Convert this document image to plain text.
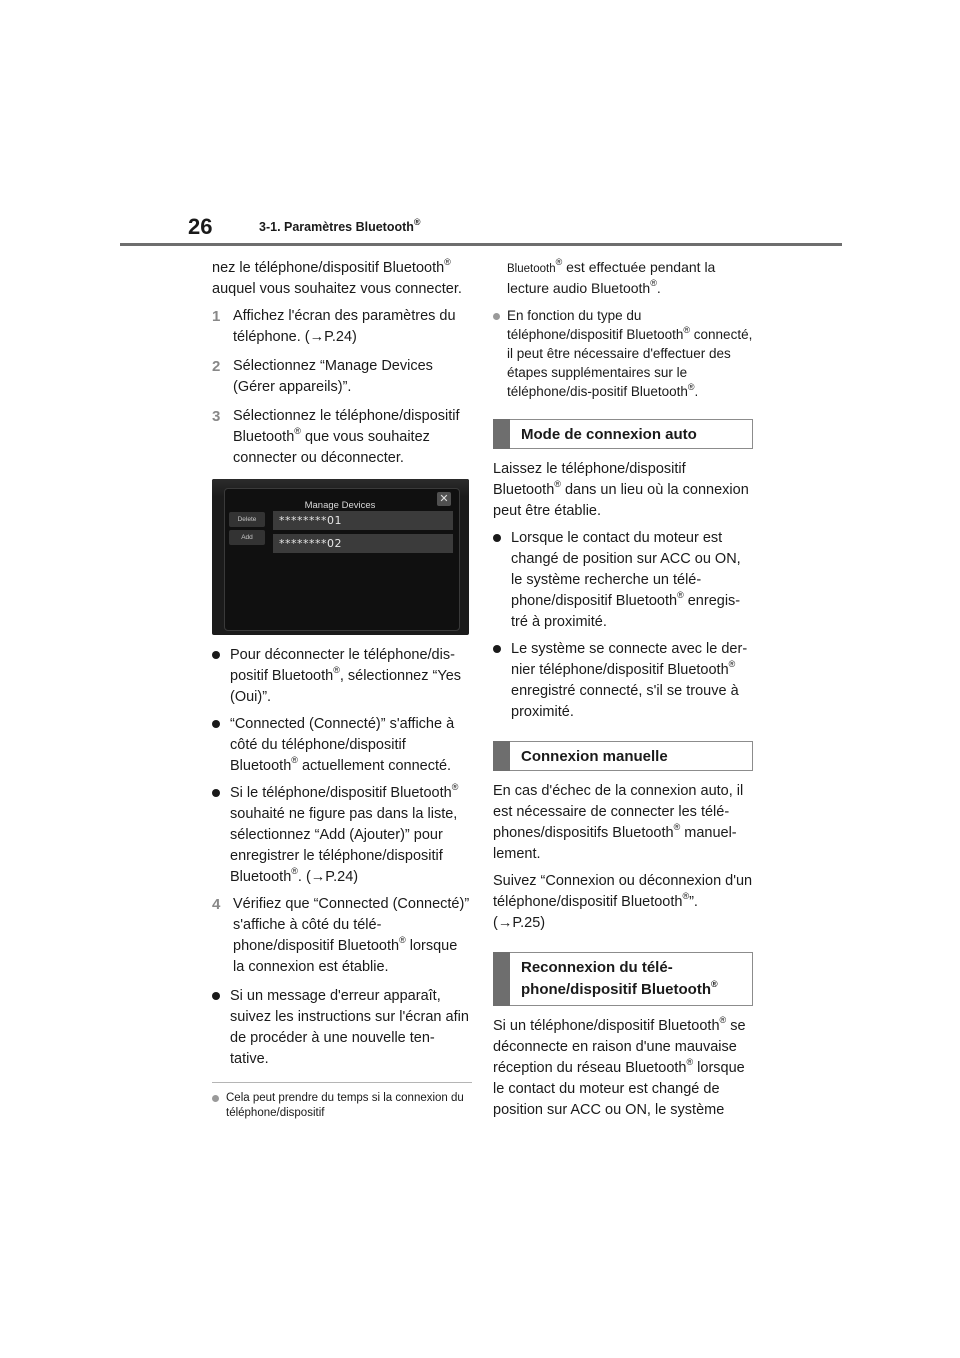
26	3-1. Paramètres Bluetooth®

nez le téléphone/dispositif Bluetooth®
auquel vous souhaitez vous connecter.

1 Affichez l'écran des paramètres du téléphone. (→P.24)
2 Sélectionnez “Manage Devices (Gérer appareils)”.
3 Sélectionnez le téléphone/dispositif Bluetooth® que vous souhaitez connecter ou déconnecter.
Manage Devices
✕
Delete
Add
********01
********02
Pour déconnecter le téléphone/dis-positif Bluetooth®, sélectionnez “Yes (Oui)”.
“Connected (Connecté)” s'affiche à côté du téléphone/dispositif Bluetooth® actuellement connecté.
Si le téléphone/dispositif Bluetooth® souhaité ne figure pas dans la liste, sélectionnez “Add (Ajouter)” pour enregistrer le téléphone/dispositif Bluetooth®. (→P.24)
4 Vérifiez que “Connected (Connecté)” s'affiche à côté du télé-phone/dispositif Bluetooth® lorsque la connexion est établie.
Si un message d'erreur apparaît, suivez les instructions sur l'écran afin de procéder à une nouvelle ten-tative.
Cela peut prendre du temps si la connexion du téléphone/dispositif

Bluetooth® est effectuée pendant la lecture audio Bluetooth®.

En fonction du type du téléphone/dispositif Bluetooth® connecté, il peut être nécessaire d'effectuer des étapes supplémentaires sur le téléphone/dis-positif Bluetooth®.
Mode de connexion auto

Laissez le téléphone/dispositif Bluetooth® dans un lieu où la connexion peut être établie.

Lorsque le contact du moteur est changé de position sur ACC ou ON, le système recherche un télé-phone/dispositif Bluetooth® enregis-tré à proximité.
Le système se connecte avec le der-nier téléphone/dispositif Bluetooth® enregistré connecté, s'il se trouve à proximité.
Connexion manuelle

En cas d'échec de la connexion auto, il est nécessaire de connecter les télé-phones/dispositifs Bluetooth® manuel-lement.

Suivez “Connexion ou déconnexion d'un téléphone/dispositif Bluetooth®”. (→P.25)

Reconnexion du télé-
phone/dispositif Bluetooth®

Si un téléphone/dispositif Bluetooth® se déconnecte en raison d'une mauvaise réception du réseau Bluetooth® lorsque le contact du moteur est changé de position sur ACC ou ON, le système
